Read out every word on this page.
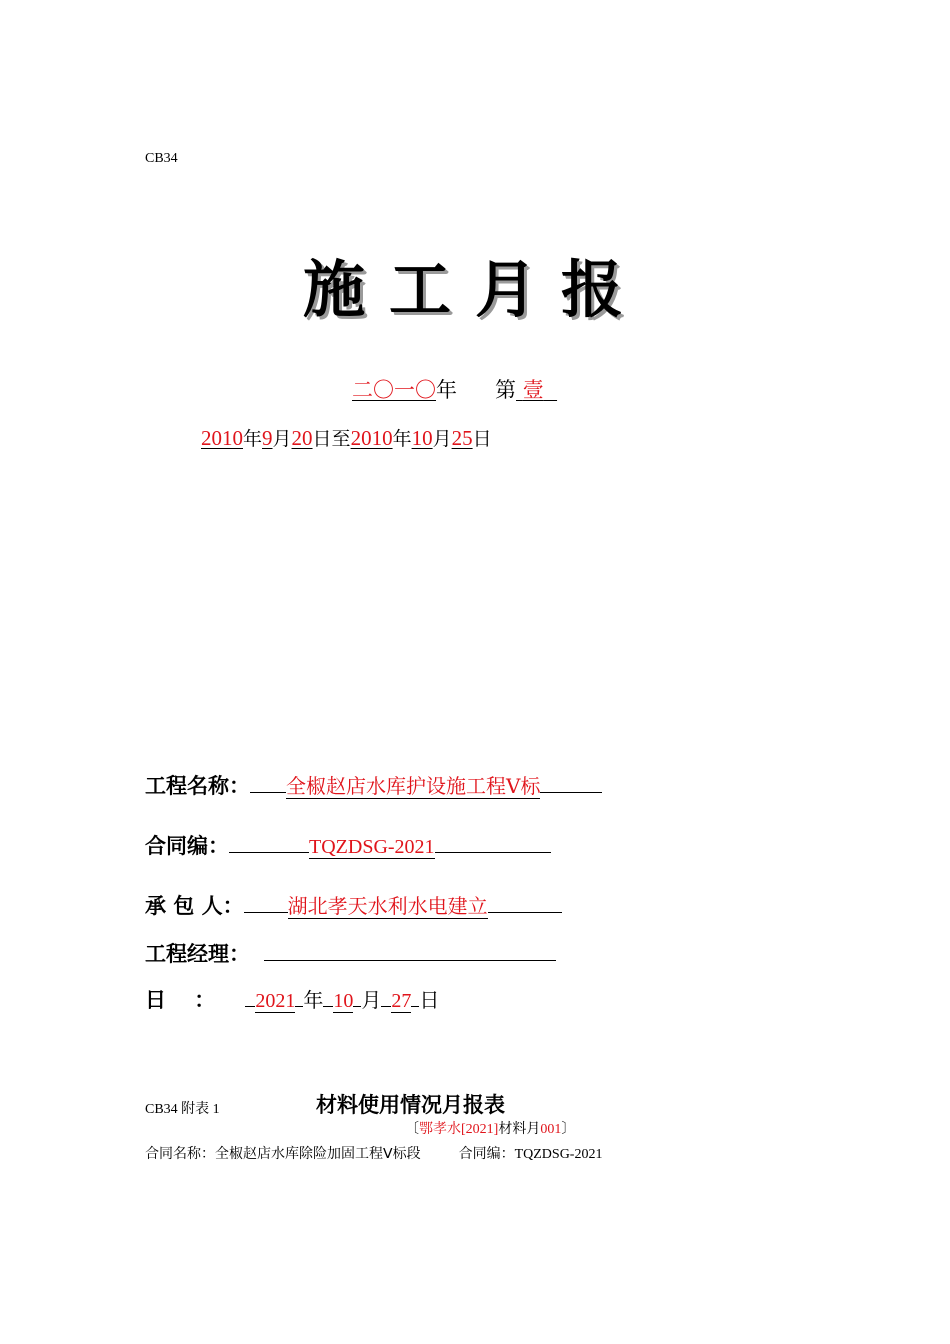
CB34
施工月报
二〇一〇年 第 壹
2010年9月20日至2010年10月25日
工程名称： 全椒赵店水库护设施工程Ⅴ标
合同编：	TQZDSG-2021
承 包 人： 湖北孝天水利水电建立
工程经理：
日　 ： 2021 年 10 月 27 日
CB34 附表 1	材料使用情况月报表
〔鄂孝水[2021]材料月001〕
合同名称：全椒赵店水库除险加固工程Ⅴ标段	合同编：TQZDSG-2021
